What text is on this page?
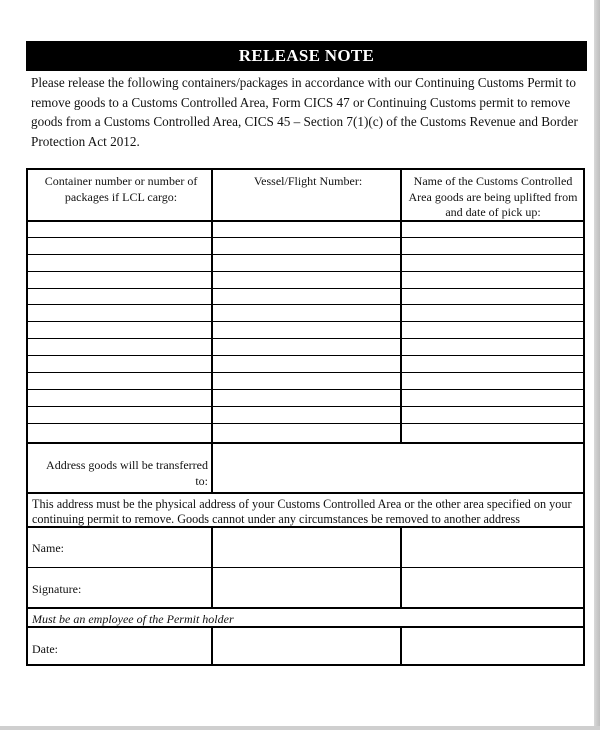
RELEASE NOTE

Please release the following containers/packages in accordance with our Continuing Customs Permit to remove goods to a Customs Controlled Area, Form CICS 47 or Continuing Customs permit to remove goods from a Customs Controlled Area, CICS 45 – Section 7(1)(c) of the Customs Revenue and Border Protection Act 2012.

Container number or number of packages if LCL cargo:
Vessel/Flight Number:	Name of the Customs Controlled Area goods are being uplifted from and date of pick up:
Address goods will be transferred to:
This address must be the physical address of your Customs Controlled Area or the other area specified on your continuing permit to remove. Goods cannot under any circumstances be removed to another address
Name:
Signature:
Must be an employee of the Permit holder
Date:
